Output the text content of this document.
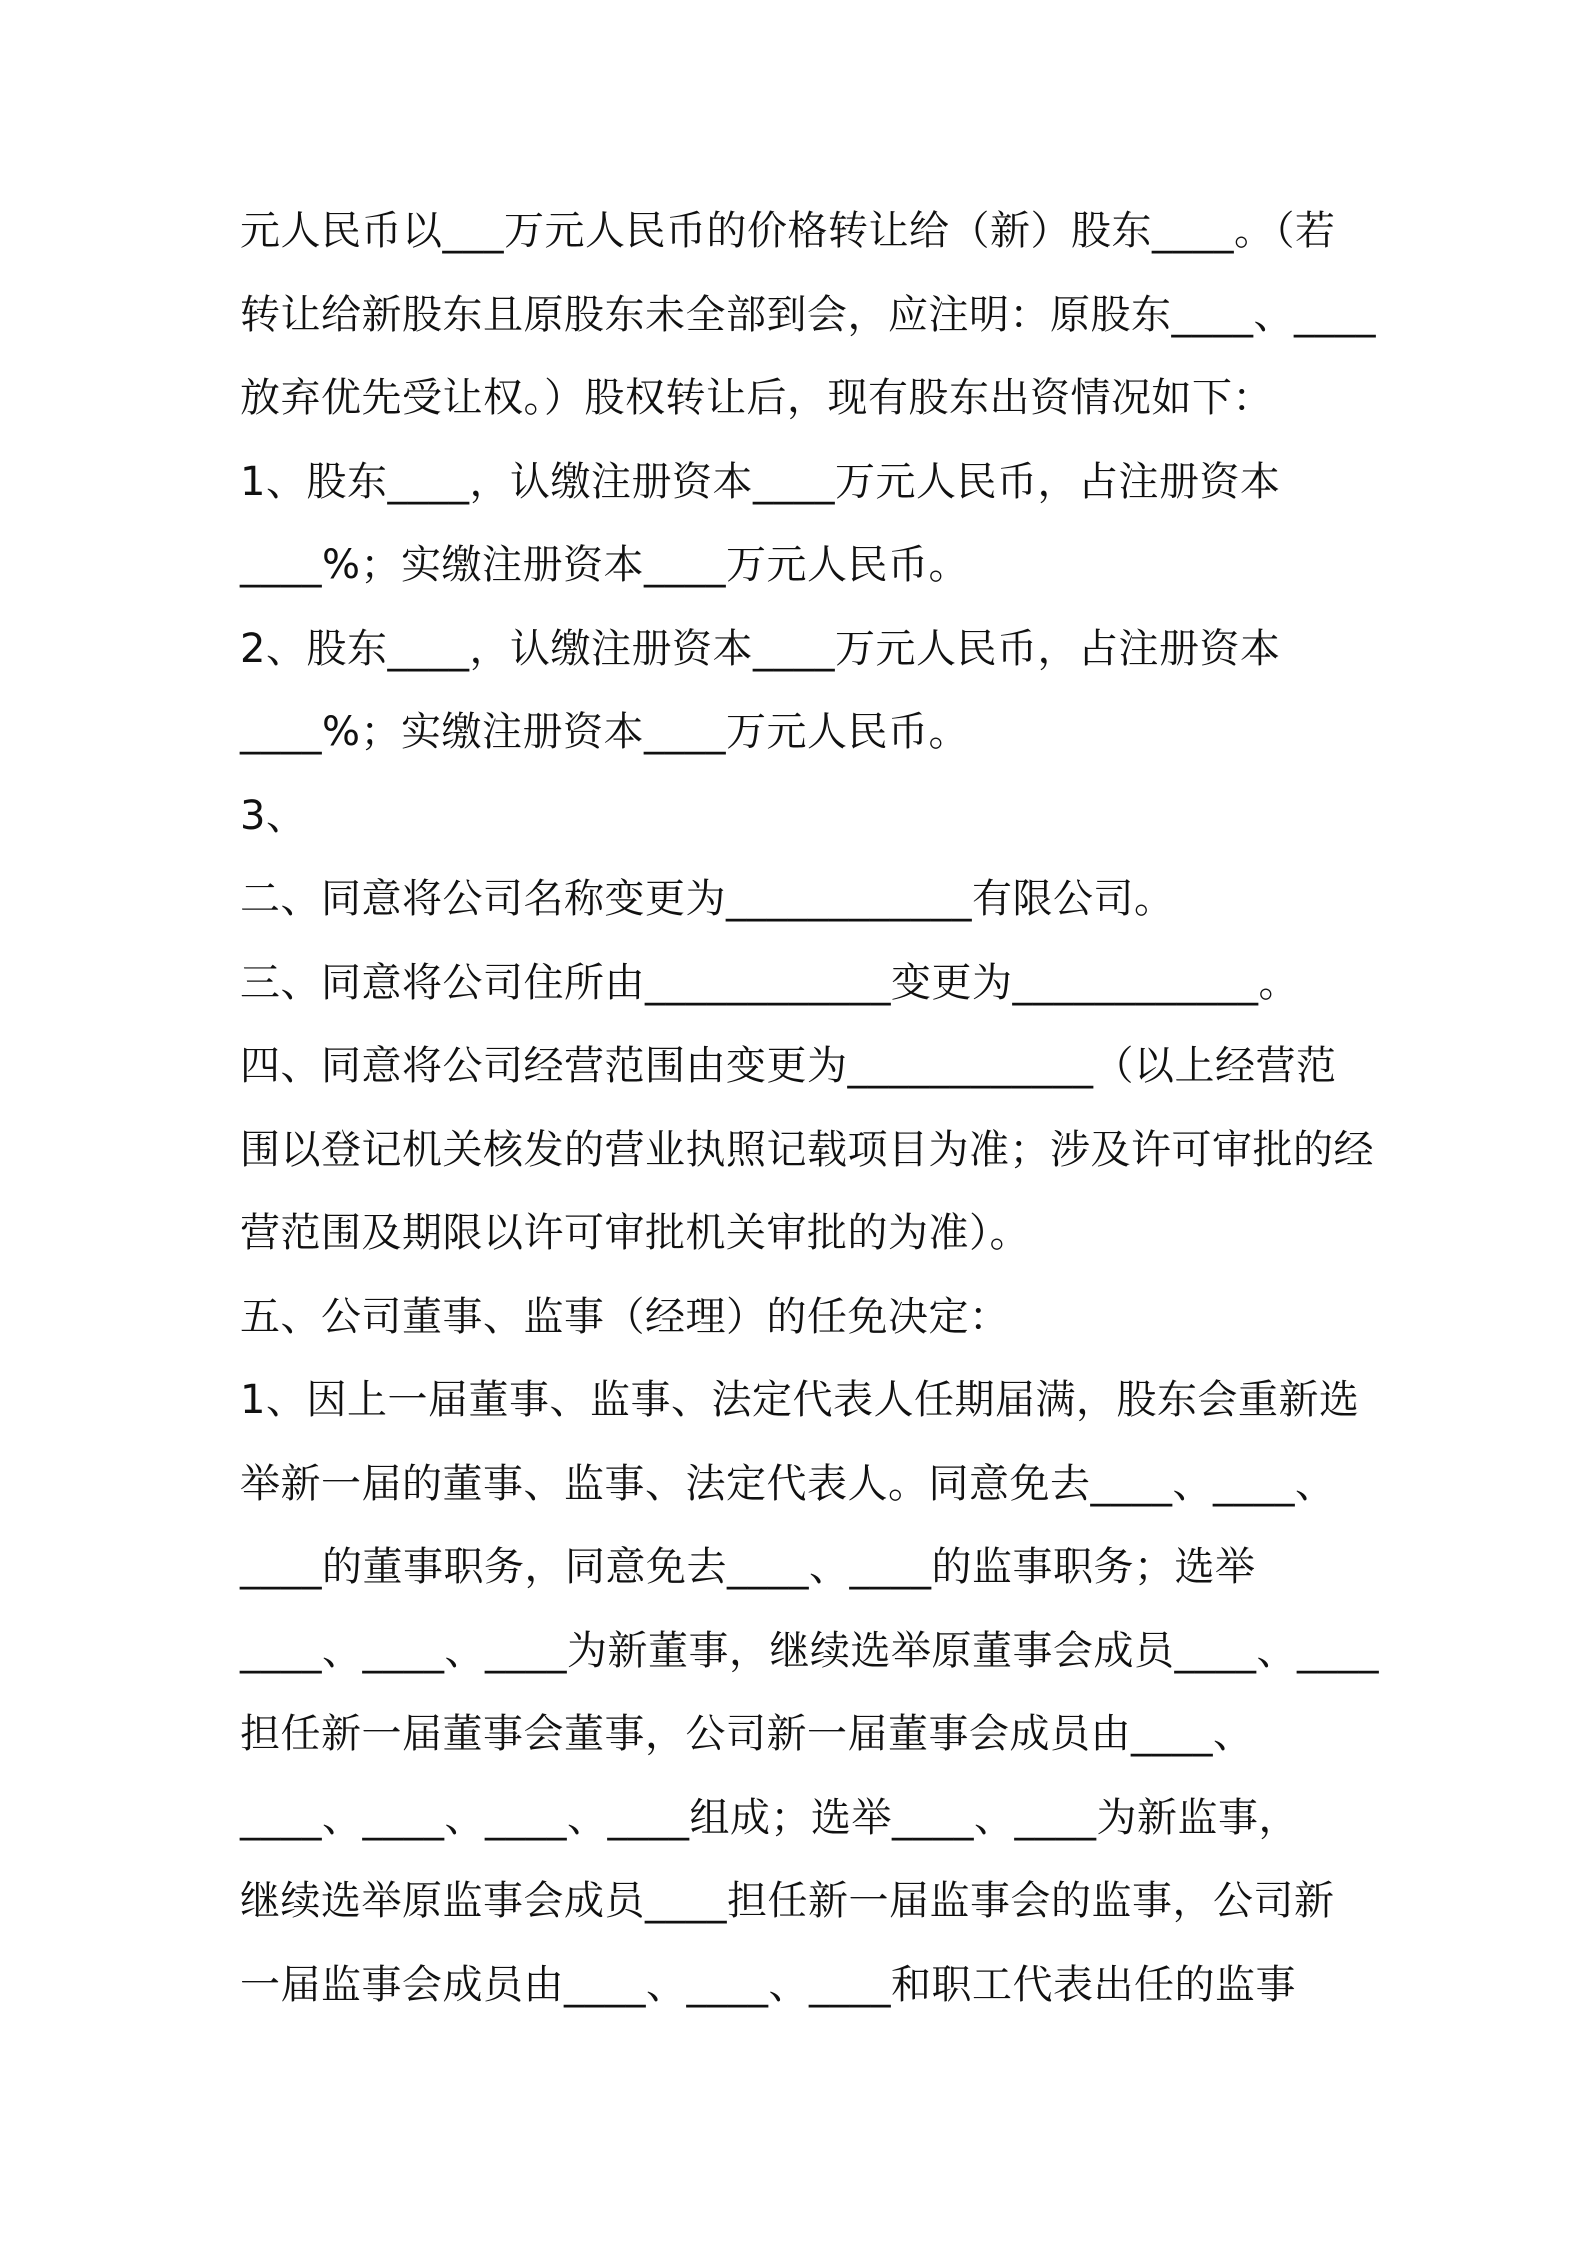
元人民币以___万元人民币的价格转让给（新）股东____。（若
转让给新股东且原股东未全部到会，应注明：原股东____、____
放弃优先受让权。）股权转让后，现有股东出资情况如下：
1、股东____，认缴注册资本____万元人民币，占注册资本
____%；实缴注册资本____万元人民币。
2、股东____，认缴注册资本____万元人民币，占注册资本
____%；实缴注册资本____万元人民币。
3、
二、同意将公司名称变更为____________有限公司。
三、同意将公司住所由____________变更为____________。
四、同意将公司经营范围由变更为____________（以上经营范
围以登记机关核发的营业执照记载项目为准；涉及许可审批的经
营范围及期限以许可审批机关审批的为准）。
五、公司董事、监事（经理）的任免决定：
1、因上一届董事、监事、法定代表人任期届满，股东会重新选
举新一届的董事、监事、法定代表人。同意免去____、____、
____的董事职务，同意免去____、____的监事职务；选举
____、____、____为新董事，继续选举原董事会成员____、____
担任新一届董事会董事，公司新一届董事会成员由____、
____、____、____、____组成；选举____、____为新监事，
继续选举原监事会成员____担任新一届监事会的监事，公司新
一届监事会成员由____、____、____和职工代表出任的监事
